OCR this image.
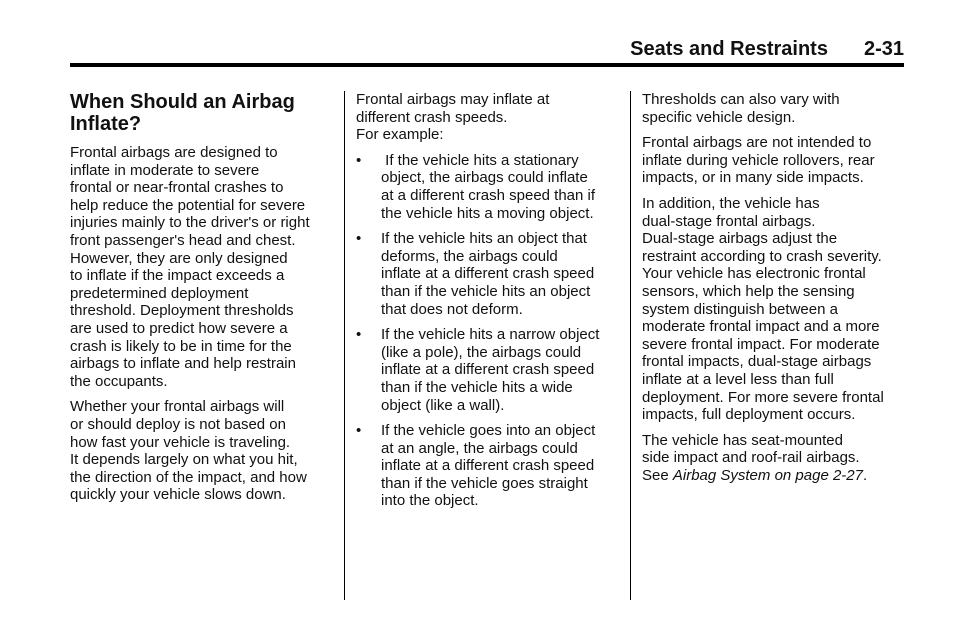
Seats and Restraints 2-31
When Should an Airbag
Inflate?

Frontal airbags are designed to
inflate in moderate to severe
frontal or near-frontal crashes to
help reduce the potential for severe
injuries mainly to the driver's or right
front passenger's head and chest.
However, they are only designed
to inflate if the impact exceeds a
predetermined deployment
threshold. Deployment thresholds
are used to predict how severe a
crash is likely to be in time for the
airbags to inflate and help restrain
the occupants.

Whether your frontal airbags will
or should deploy is not based on
how fast your vehicle is traveling.
It depends largely on what you hit,
the direction of the impact, and how
quickly your vehicle slows down.

Frontal airbags may inflate at
different crash speeds.
For example:

• If the vehicle hits a stationary
object, the airbags could inflate
at a different crash speed than if
the vehicle hits a moving object.
• If the vehicle hits an object that
deforms, the airbags could
inflate at a different crash speed
than if the vehicle hits an object
that does not deform.
• If the vehicle hits a narrow object
(like a pole), the airbags could
inflate at a different crash speed
than if the vehicle hits a wide
object (like a wall).
• If the vehicle goes into an object
at an angle, the airbags could
inflate at a different crash speed
than if the vehicle goes straight
into the object.

Thresholds can also vary with
specific vehicle design.

Frontal airbags are not intended to
inflate during vehicle rollovers, rear
impacts, or in many side impacts.

In addition, the vehicle has
dual-stage frontal airbags.
Dual-stage airbags adjust the
restraint according to crash severity.
Your vehicle has electronic frontal
sensors, which help the sensing
system distinguish between a
moderate frontal impact and a more
severe frontal impact. For moderate
frontal impacts, dual-stage airbags
inflate at a level less than full
deployment. For more severe frontal
impacts, full deployment occurs.

The vehicle has seat-mounted
side impact and roof-rail airbags.
See Airbag System on page 2-27.
